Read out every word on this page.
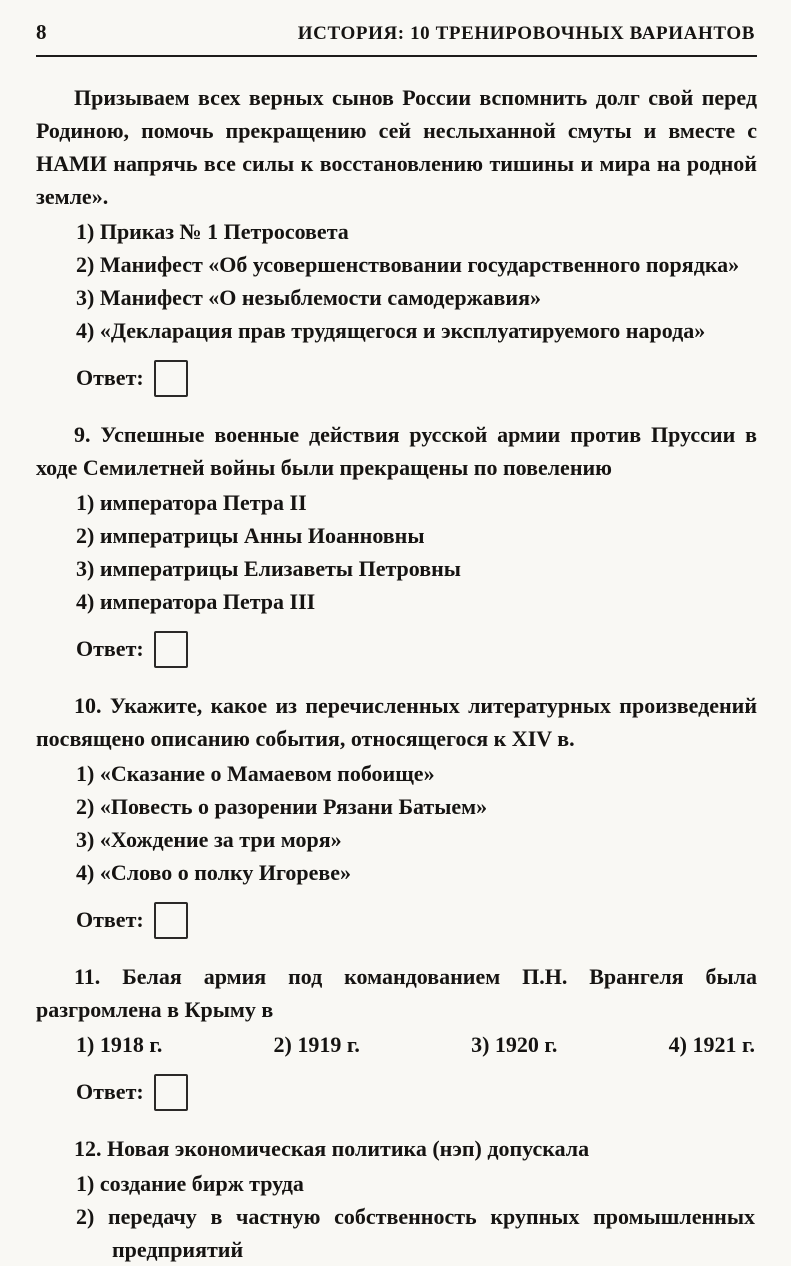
8	ИСТОРИЯ: 10 ТРЕНИРОВОЧНЫХ ВАРИАНТОВ

Призываем всех верных сынов России вспомнить долг свой перед Родиною, помочь прекращению сей неслыханной смуты и вместе с НАМИ напрячь все силы к восстановлению тишины и мира на родной земле».

1) Приказ № 1 Петросовета
2) Манифест «Об усовершенствовании государственного порядка»
3) Манифест «О незыблемости самодержавия»
4) «Декларация прав трудящегося и эксплуатируемого народа»
Ответ:

9. Успешные военные действия русской армии против Пруссии в ходе Семилетней войны были прекращены по повелению

1) императора Петра II
2) императрицы Анны Иоанновны
3) императрицы Елизаветы Петровны
4) императора Петра III
Ответ:

10. Укажите, какое из перечисленных литературных произведений посвящено описанию события, относящегося к XIV в.

1) «Сказание о Мамаевом побоище»
2) «Повесть о разорении Рязани Батыем»
3) «Хождение за три моря»
4) «Слово о полку Игореве»
Ответ:

11. Белая армия под командованием П.Н. Врангеля была разгромлена в Крыму в

1) 1918 г.	2) 1919 г.	3) 1920 г.	4) 1921 г.
Ответ:

12. Новая экономическая политика (нэп) допускала

1) создание бирж труда
2) передачу в частную собственность крупных промышленных предприятий
